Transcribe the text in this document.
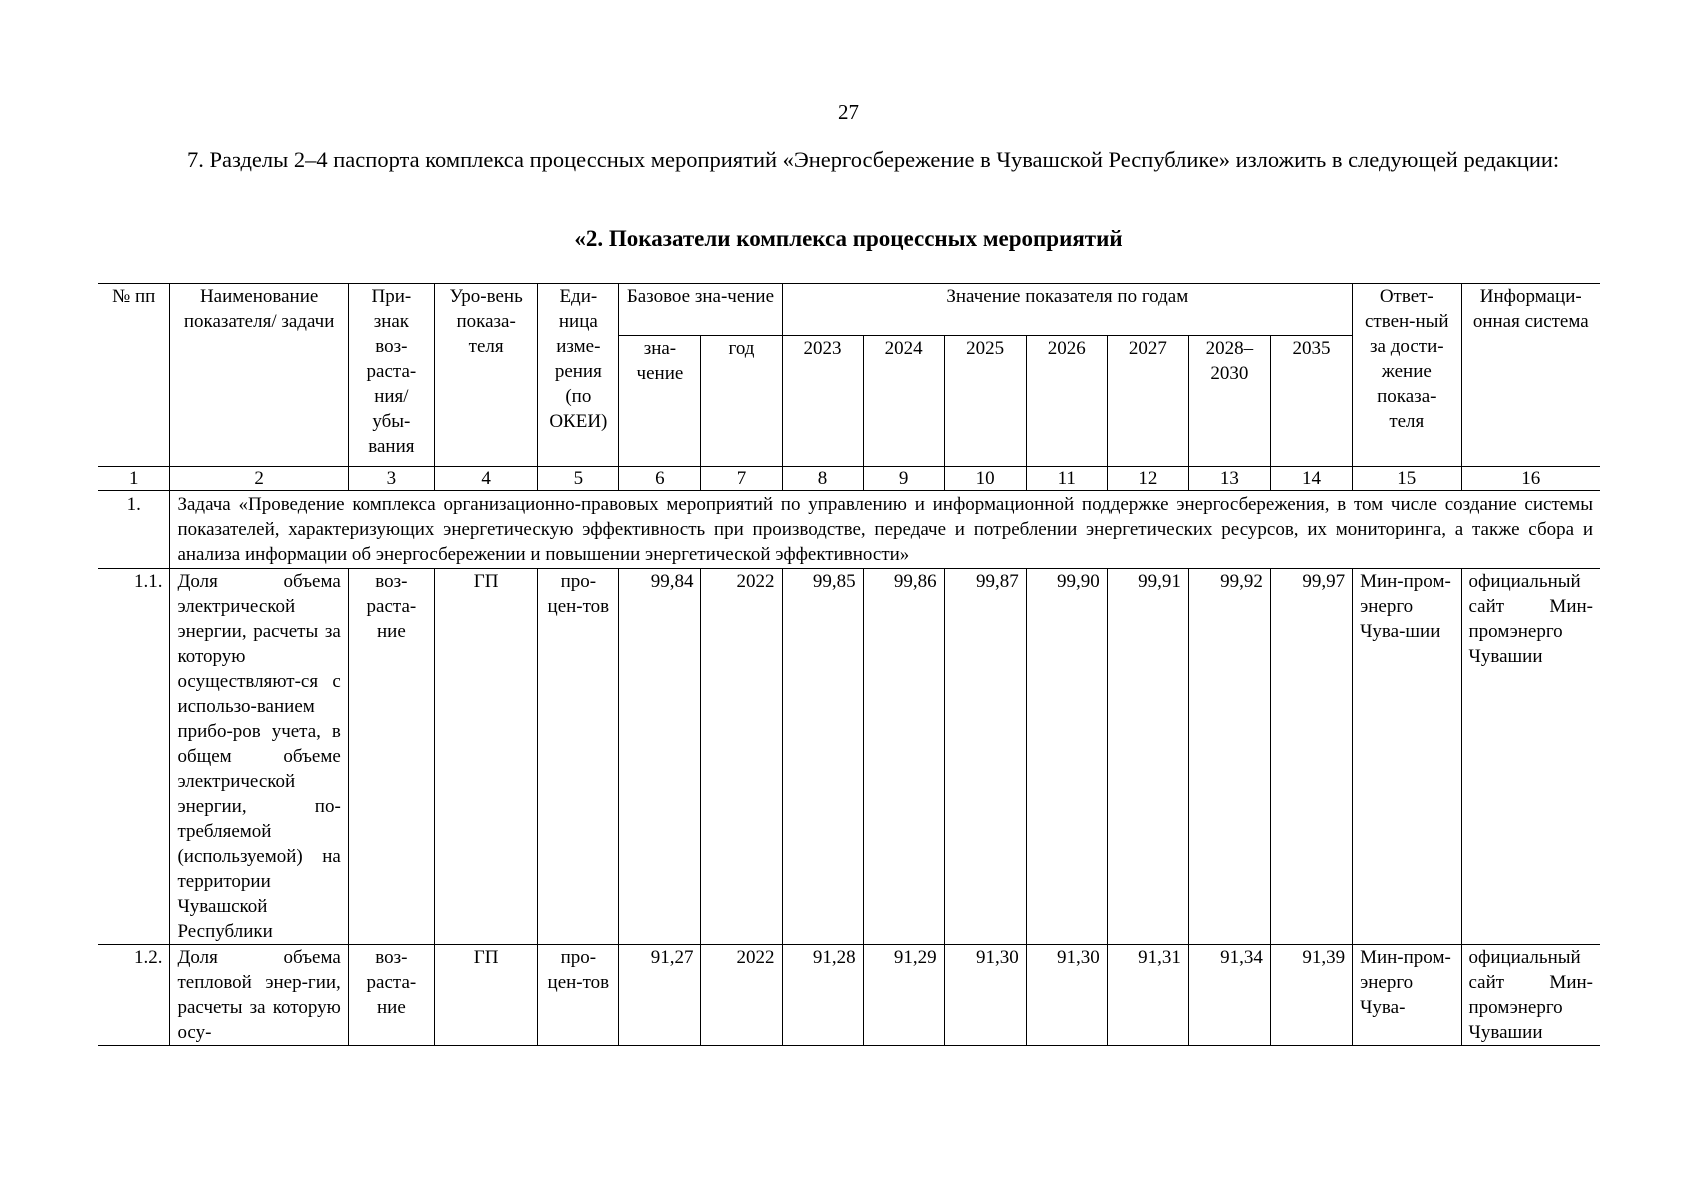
27
7. Разделы 2–4 паспорта комплекса процессных мероприятий «Энергосбережение в Чувашской Республике» изложить в следующей редакции:
«2. Показатели комплекса процессных мероприятий
№ пп	Наименование показателя/ задачи	При-знак воз-раста-ния/ убы-вания	Уро-вень показа-теля	Еди-ница изме-рения (по ОКЕИ)	Базовое зна-чение		Значение показателя по годам							Ответ-ствен-ный за дости-жение показа-теля	Информаци-онная система
					зна-чение	год	2023	2024	2025	2026	2027	2028–2030	2035		
1	2	3	4	5	6	7	8	9	10	11	12	13	14	15	16
1.	Задача «Проведение комплекса организационно-правовых мероприятий по управлению и информационной поддержке энергосбережения, в том числе создание системы показателей, характеризующих энергетическую эффективность при производстве, передаче и потреблении энергетических ресурсов, их мониторинга, а также сбора и анализа информации об энергосбережении и повышении энергетической эффективности»														
1.1.	Доля объема электрической энергии, расчеты за которую осуществляют-ся с использо-ванием прибо-ров учета, в общем объеме электрической энергии, по-требляемой (используемой) на территории Чувашской Республики	воз-раста-ние	ГП	про-цен-тов	99,84	2022	99,85	99,86	99,87	99,90	99,91	99,92	99,97	Мин-пром-энерго Чува-шии	официальный сайт Мин-промэнерго Чувашии
1.2.	Доля объема тепловой энер-гии, расчеты за которую осу-	воз-раста-ние	ГП	про-цен-тов	91,27	2022	91,28	91,29	91,30	91,30	91,31	91,34	91,39	Мин-пром-энерго Чува-	официальный сайт Мин-промэнерго Чувашии
